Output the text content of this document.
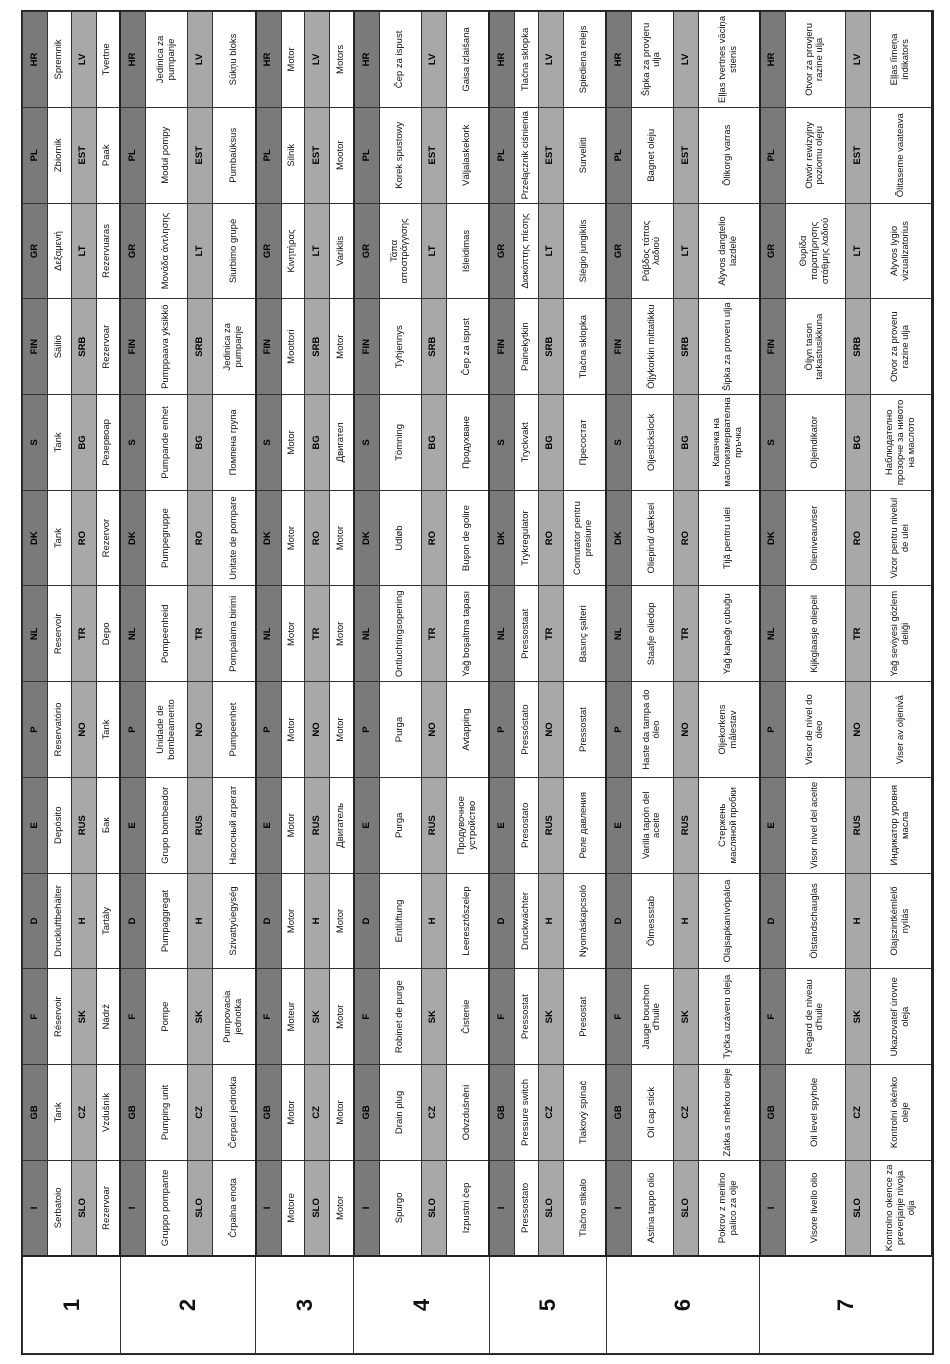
1	I	GB	F	D	E	P	NL	DK	S	FIN	GR	PL	HR
	Serbatoio	Tank	Réservoir	Druckluftbehälter	Depósito	Reservatório	Reservoir	Tank	Tank	Säiliö	Δεξαμενή	Zbiornik	Spremnik
	SLO	CZ	SK	H	RUS	NO	TR	RO	BG	SRB	LT	EST	LV
	Rezervoar	Vzdušník	Nádrž	Tartály	Бак	Tank	Depo	Rezervor	Резервоар	Rezervoar	Rezervuaras	Paak	Tvertne
2	I	GB	F	D	E	P	NL	DK	S	FIN	GR	PL	HR
	Gruppo pompante	Pumping unit	Pompe	Pumpaggregat	Grupo bombeador	Unidade de bombeamento	Pompeenheid	Pumpegruppe	Pumpande enhet	Pumppaava yksikkö	Μονάδα άντλησης	Moduł pompy	Jedinica za pumpanje
	SLO	CZ	SK	H	RUS	NO	TR	RO	BG	SRB	LT	EST	LV
	Črpalna enota	Čerpací jednotka	Pumpovacia jednotka	Szivattyúegység	Насосный агрегат	Pumpeenhet	Pompalama birimi	Unitate de pompare	Помпена група	Jedinica za pumpanje	Siurbimo grupė	Pumbaüksus	Sūkņu bloks
3	I	GB	F	D	E	P	NL	DK	S	FIN	GR	PL	HR
	Motore	Motor	Moteur	Motor	Motor	Motor	Motor	Motor	Motor	Moottori	Κινητήρας	Silnik	Motor
	SLO	CZ	SK	H	RUS	NO	TR	RO	BG	SRB	LT	EST	LV
	Motor	Motor	Motor	Motor	Двигатель	Motor	Motor	Motor	Двигател	Motor	Variklis	Mootor	Motors
4	I	GB	F	D	E	P	NL	DK	S	FIN	GR	PL	HR
	Spurgo	Drain plug	Robinet de purge	Entlüftung	Purga	Purga	Ontluchtingsopening	Udløb	Tömning	Tyhjennys	Τάπα αποστράγγισης	Korek spustowy	Čep za ispust
	SLO	CZ	SK	H	RUS	NO	TR	RO	BG	SRB	LT	EST	LV
	Izpustni čep	Odvzdušnění	Čistenie	Leeresztőszelep	Продувочное устройство	Avtapping	Yağ boşaltma tapası	Buşon de golire	Продухване	Čep za ispust	Išleidimas	Väljalaskekork	Gaisa izlaišana
5	I	GB	F	D	E	P	NL	DK	S	FIN	GR	PL	HR
	Pressostato	Pressure switch	Pressostat	Druckwächter	Presostato	Pressóstato	Pressostaat	Trykregulator	Tryckvakt	Painekytkin	Διακόπτης πίεσης	Przełącznik ciśnienia	Tlačna sklopka
	SLO	CZ	SK	H	RUS	NO	TR	RO	BG	SRB	LT	EST	LV
	Tlačno stikalo	Tlakový spínač	Presostat	Nyomáskapcsoló	Реле давления	Pressostat	Basınç şalteri	Comutator pentru presiune	Пресостат	Tlačna sklopka	Slėgio jungiklis	Surveliiti	Spiediena relejs
6	I	GB	F	D	E	P	NL	DK	S	FIN	GR	PL	HR
	Astina tappo olio	Oil cap stick	Jauge bouchon d'huile	Ölmessstab	Varilla tapón del aceite	Haste da tampa do óleo	Staafje oliedop	Oliepind/ dæksel	Oljestickslock	Öljykorkin mittatikku	Ράβδος τάπας λαδιού	Bagnet oleju	Šipka za provjeru ulja
	SLO	CZ	SK	H	RUS	NO	TR	RO	BG	SRB	LT	EST	LV
	Pokrov z merilno palico za olje	Zátka s měrkou oleje	Tyčka uzáveru oleja	Olajsapkanívópálca	Стержень масляной пробки	Oljekorkens målestav	Yağ kapağı çubuğu	Tijă pentru ulei	Капачка на маслоизмервателна пръчка	Šipka za proveru ulja	Alyvos dangtelio lazdelė	Õlikorgi varras	Eļļas tvertnes vāciņa stienis
7	I	GB	F	D	E	P	NL	DK	S	FIN	GR	PL	HR
	Visore livello olio	Oil level spyhole	Regard de niveau d'huile	Ölstandschauglas	Visor nivel del aceite	Visor de nível do óleo	Kijkglaasje oliepeil	Olieniveauviser	Oljeindikator	Öljyn tason tarkastusikkuna	Θυρίδα παρατήρησης στάθμης λαδιού	Otwór rewizyjny poziomu oleju	Otvor za provjeru razine ulja
	SLO	CZ	SK	H	RUS	NO	TR	RO	BG	SRB	LT	EST	LV
	Kontrolno okence za preverjanje nivoja olja	Kontrolní okénko oleje	Ukazovateľ úrovne oleja	Olajszintkémlelő nyílás	Индикатор уровня масла	Viser av oljenivå	Yağ seviyesi gözlem deliği	Vizor pentru nivelul de ulei	Наблюдателно прозорче за нивото на маслото	Otvor za proveru razine ulja	Alyvos lygio vizualizatorius	Õlitaseme vaateava	Eļļas līmeņa indikators
